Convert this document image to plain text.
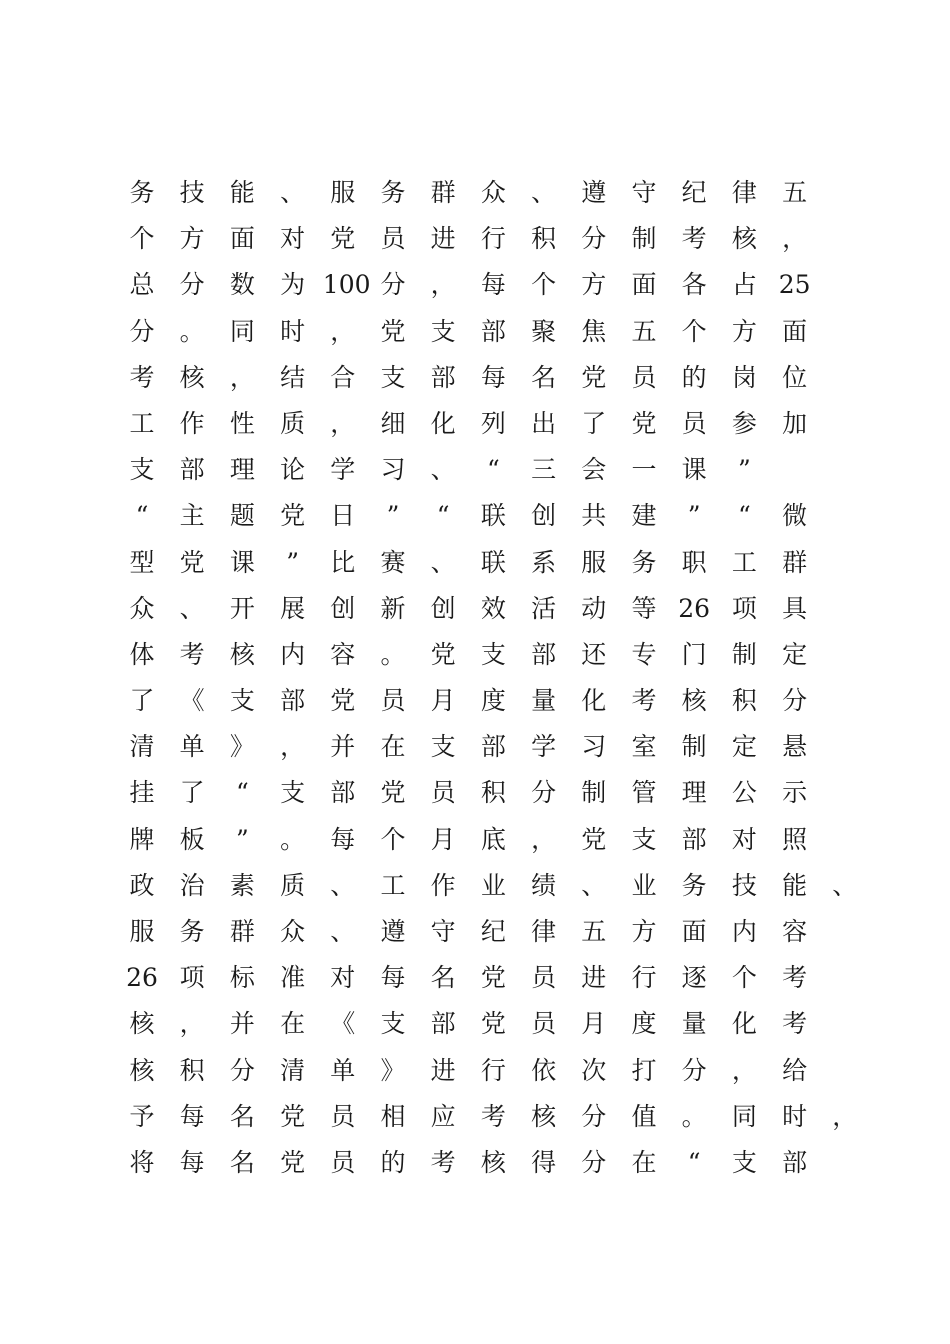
务	技	能	、	服	务	群	众	、	遵	守	纪	律	五
个	方	面	对	党	员	进	行	积	分	制	考	核	，
总	分	数	为 100 分	，	每	个	方	面	各	占 25
分	。	同	时	，	党	支	部	聚	焦	五	个	方	面
考	核	，	结	合	支	部	每	名	党	员	的	岗	位
工	作	性	质	，	细	化	列	出	了	党	员	参	加
支	部	理	论	学	习	、	“	三	会	一	课	”
“	主	题	党	日	”	“	联	创	共	建	”	“	微
型	党	课	”	比	赛	、	联	系	服	务	职	工	群
众	、	开	展	创	新	创	效	活	动	等 26 项	具
体	考	核	内	容	。	党	支	部	还	专	门	制	定
了	《	支	部	党	员	月	度	量	化	考	核	积	分
清	单	》	，	并	在	支	部	学	习	室	制	定	悬
挂	了	“	支	部	党	员	积	分	制	管	理	公	示
牌	板	”	。	每	个	月	底	，	党	支	部	对	照
政	治	素	质	、	工	作	业	绩	、	业	务	技	能	、
服	务	群	众	、	遵	守	纪	律	五	方	面	内	容
26 项	标	准	对	每	名	党	员	进	行	逐	个	考
核	，	并	在	《	支	部	党	员	月	度	量	化	考
核	积	分	清	单	》	进	行	依	次	打	分	，	给
予	每	名	党	员	相	应	考	核	分	值	。	同	时	，
将	每	名	党	员	的	考	核	得	分	在	“	支	部
